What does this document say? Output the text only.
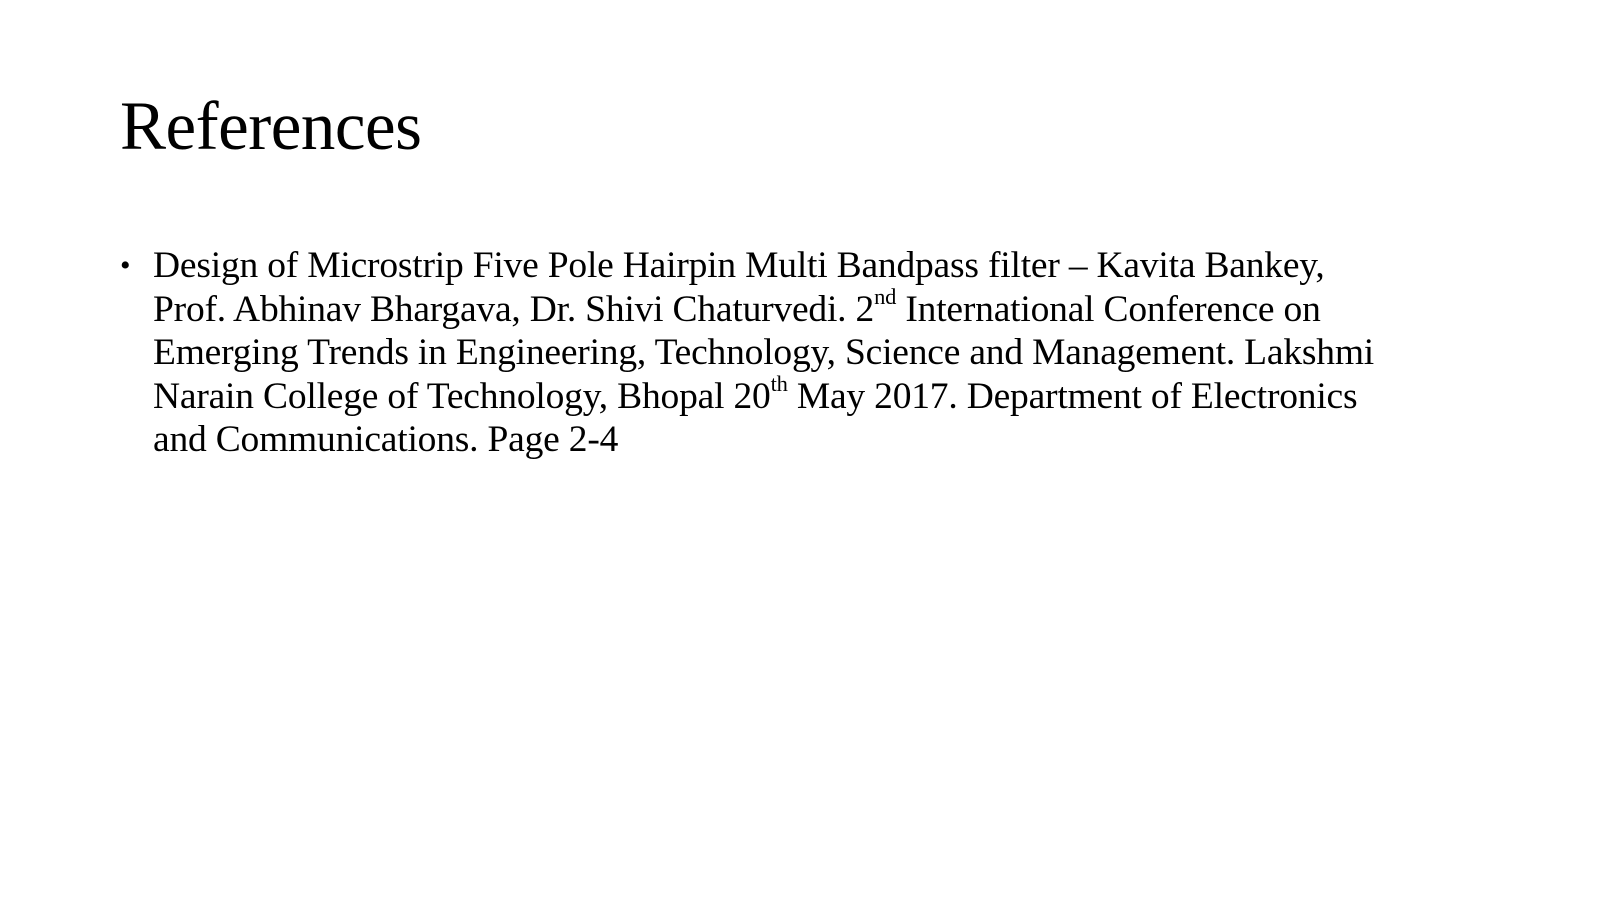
References
• Design of Microstrip Five Pole Hairpin Multi Bandpass filter – Kavita Bankey,
Prof. Abhinav Bhargava, Dr. Shivi Chaturvedi. 2nd International Conference on
Emerging Trends in Engineering, Technology, Science and Management. Lakshmi
Narain College of Technology, Bhopal 20th May 2017. Department of Electronics
and Communications. Page 2-4
